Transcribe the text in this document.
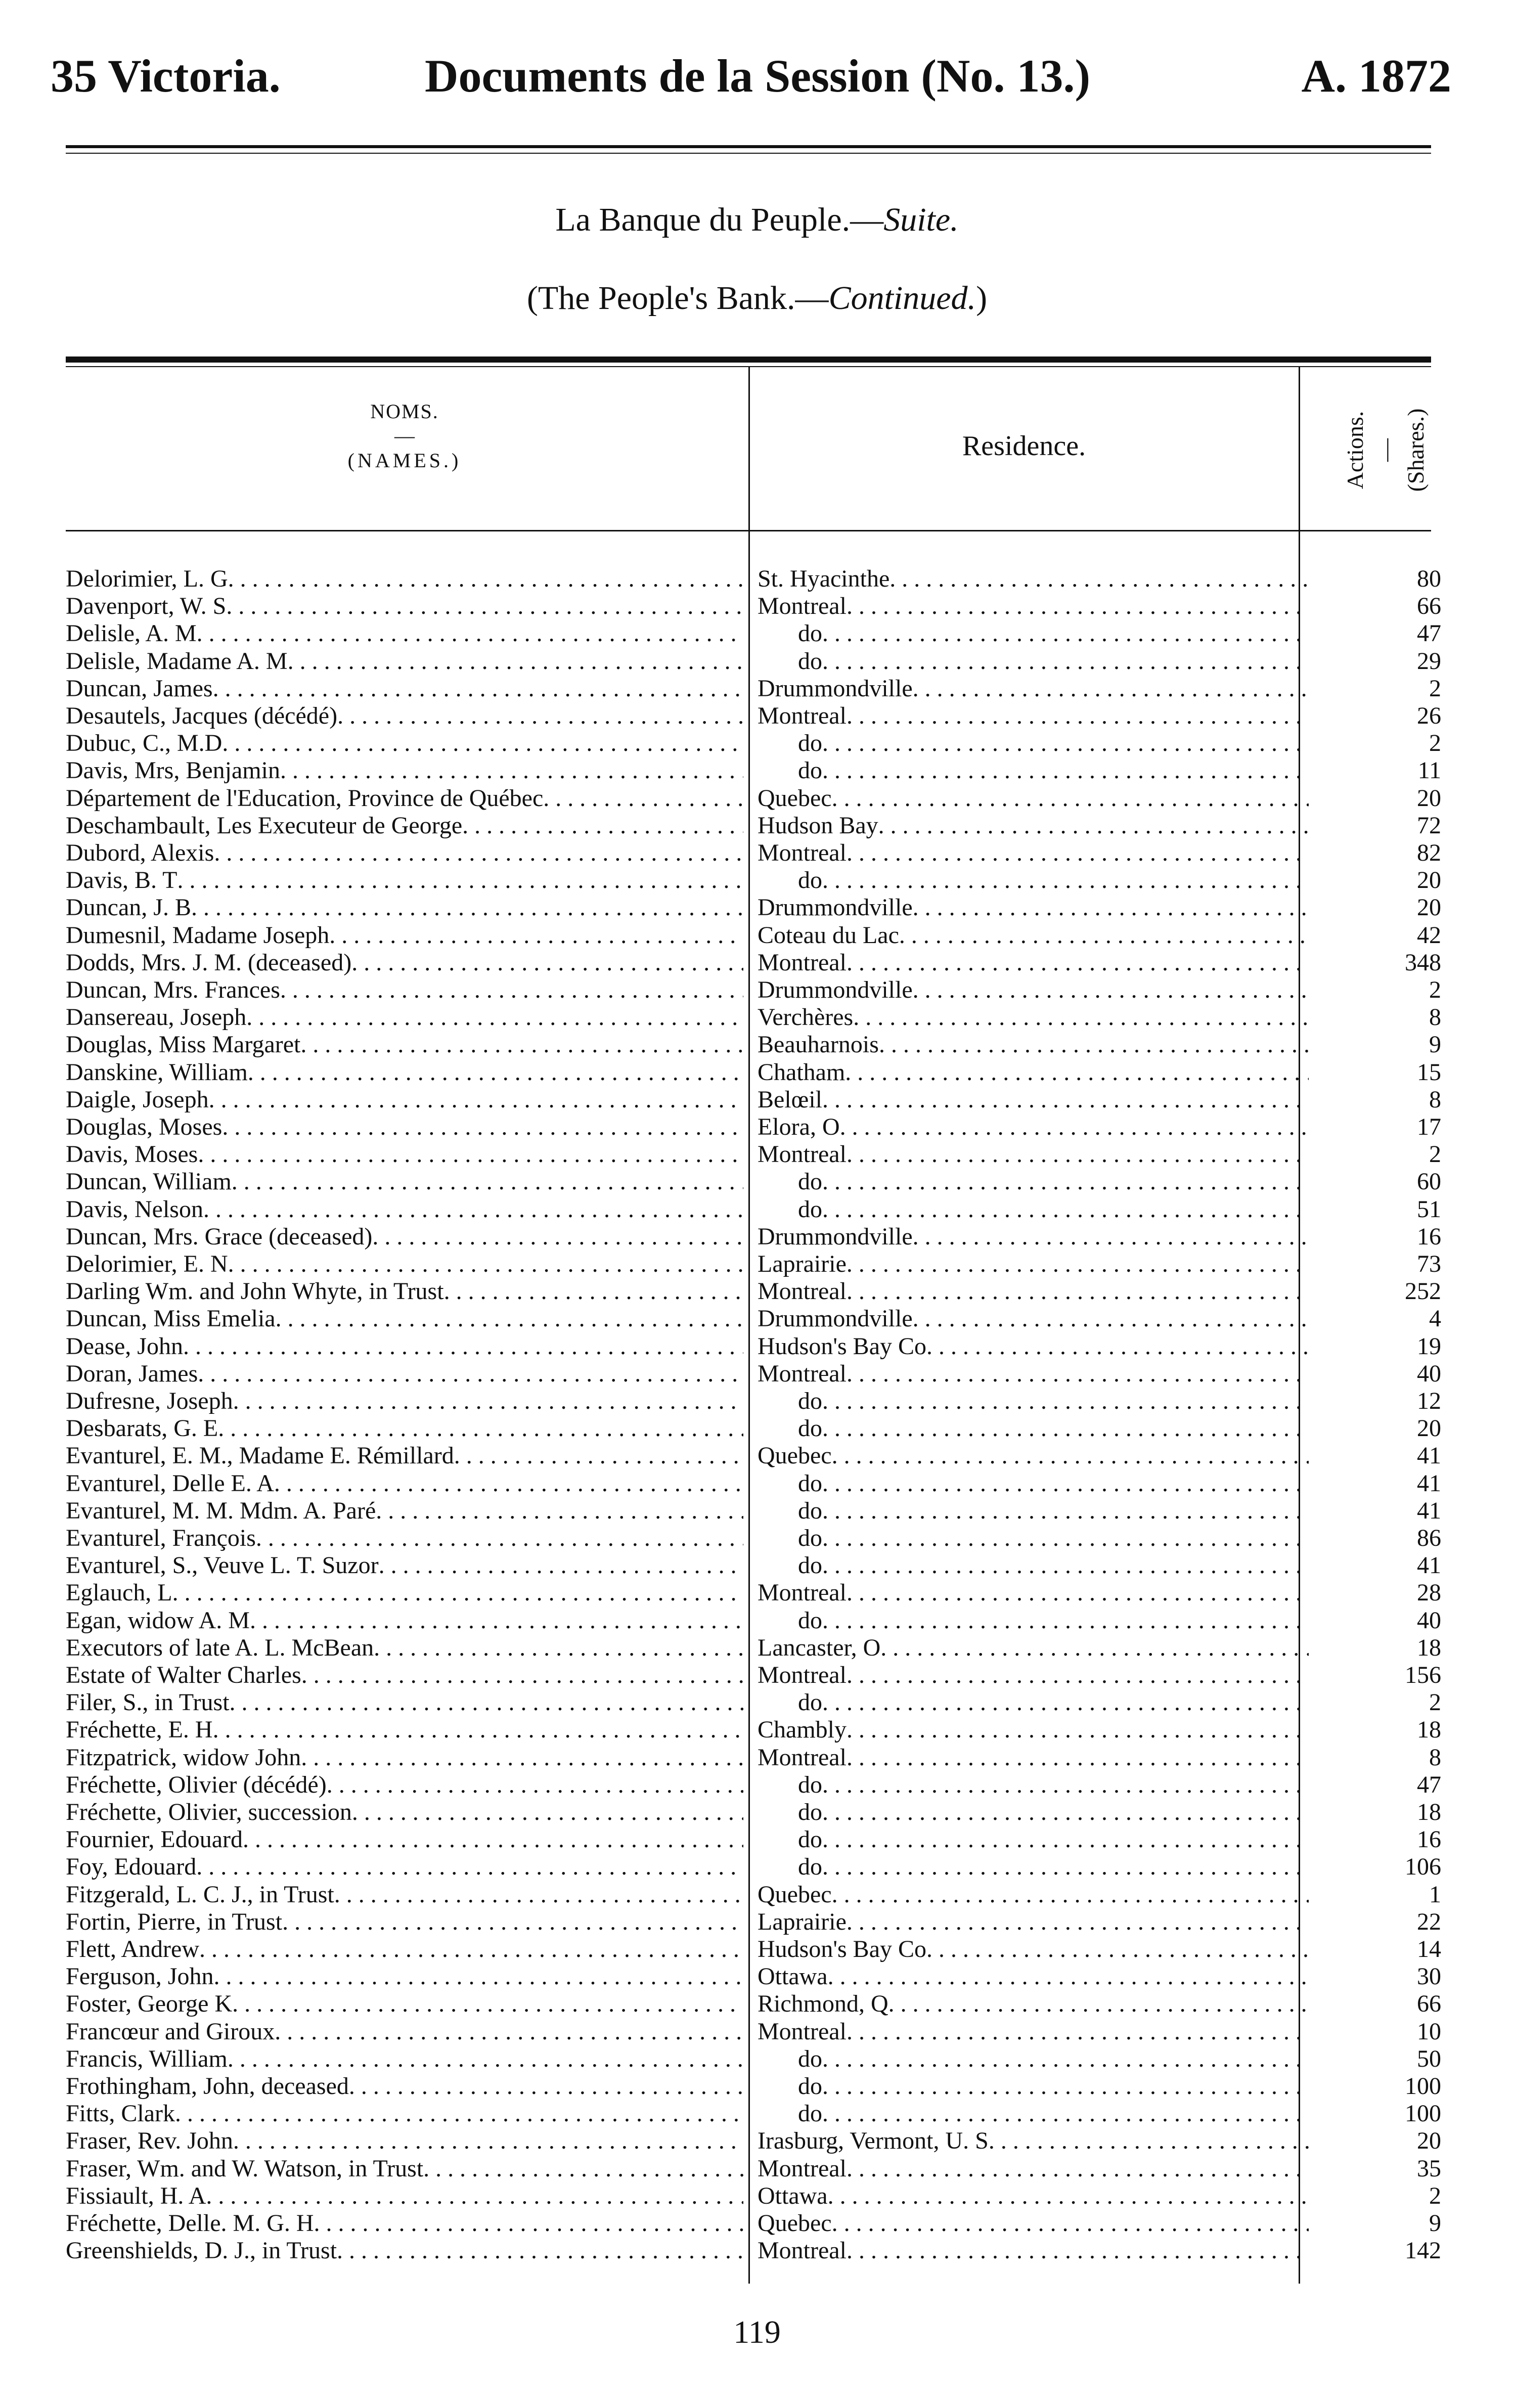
35 Victoria.	Documents de la Session (No. 13.)	A. 1872
La Banque du Peuple.—Suite.
(The People's Bank.—Continued.)
NOMS.
—
(NAMES.)	Residence.	Actions. — (Shares.)
Delorimier, L. G . . .	St. Hyacinthe . . .	80
Davenport, W. S . . .	Montreal . . .	66
Delisle, A. M . . .	do . . .	47
Delisle, Madame A. M . . .	do . . .	29
Duncan, James . . .	Drummondville . . .	2
Desautels, Jacques (décédé) . . .	Montreal . . .	26
Dubuc, C., M.D . . .	do . . .	2
Davis, Mrs, Benjamin . . .	do . . .	11
Département de l'Education, Province de Québec . . .	Quebec . . .	20
Deschambault, Les Executeur de George . . .	Hudson Bay . . .	72
Dubord, Alexis . . .	Montreal . . .	82
Davis, B. T . . .	do . . .	20
Duncan, J. B . . .	Drummondville . . .	20
Dumesnil, Madame Joseph . . .	Coteau du Lac . . .	42
Dodds, Mrs. J. M. (deceased) . . .	Montreal . . .	348
Duncan, Mrs. Frances . . .	Drummondville . . .	2
Dansereau, Joseph . . .	Verchères . . .	8
Douglas, Miss Margaret . . .	Beauharnois . . .	9
Danskine, William . . .	Chatham . . .	15
Daigle, Joseph . . .	Belœil . . .	8
Douglas, Moses . . .	Elora, O . . .	17
Davis, Moses . . .	Montreal . . .	2
Duncan, William . . .	do . . .	60
Davis, Nelson . . .	do . . .	51
Duncan, Mrs. Grace (deceased) . . .	Drummondville . . .	16
Delorimier, E. N . . .	Laprairie . . .	73
Darling Wm. and John Whyte, in Trust . . .	Montreal . . .	252
Duncan, Miss Emelia . . .	Drummondville . . .	4
Dease, John . . .	Hudson's Bay Co . . .	19
Doran, James . . .	Montreal . . .	40
Dufresne, Joseph . . .	do . . .	12
Desbarats, G. E . . .	do . . .	20
Evanturel, E. M., Madame E. Rémillard . . .	Quebec . . .	41
Evanturel, Delle E. A . . .	do . . .	41
Evanturel, M. M. Mdm. A. Paré . . .	do . . .	41
Evanturel, François . . .	do . . .	86
Evanturel, S., Veuve L. T. Suzor . . .	do . . .	41
Eglauch, L . . .	Montreal . . .	28
Egan, widow A. M . . .	do . . .	40
Executors of late A. L. McBean . . .	Lancaster, O . . .	18
Estate of Walter Charles . . .	Montreal . . .	156
Filer, S., in Trust . . .	do . . .	2
Fréchette, E. H . . .	Chambly . . .	18
Fitzpatrick, widow John . . .	Montreal . . .	8
Fréchette, Olivier (décédé) . . .	do . . .	47
Fréchette, Olivier, succession . . .	do . . .	18
Fournier, Edouard . . .	do . . .	16
Foy, Edouard . . .	do . . .	106
Fitzgerald, L. C. J., in Trust . . .	Quebec . . .	1
Fortin, Pierre, in Trust . . .	Laprairie . . .	22
Flett, Andrew . . .	Hudson's Bay Co . . .	14
Ferguson, John . . .	Ottawa . . .	30
Foster, George K . . .	Richmond, Q . . .	66
Francœur and Giroux . . .	Montreal . . .	10
Francis, William . . .	do . . .	50
Frothingham, John, deceased . . .	do . . .	100
Fitts, Clark . . .	do . . .	100
Fraser, Rev. John . . .	Irasburg, Vermont, U. S . . .	20
Fraser, Wm. and W. Watson, in Trust . . .	Montreal . . .	35
Fissiault, H. A . . .	Ottawa . . .	2
Fréchette, Delle. M. G. H . . .	Quebec . . .	9
Greenshields, D. J., in Trust . . .	Montreal . . .	142
119
